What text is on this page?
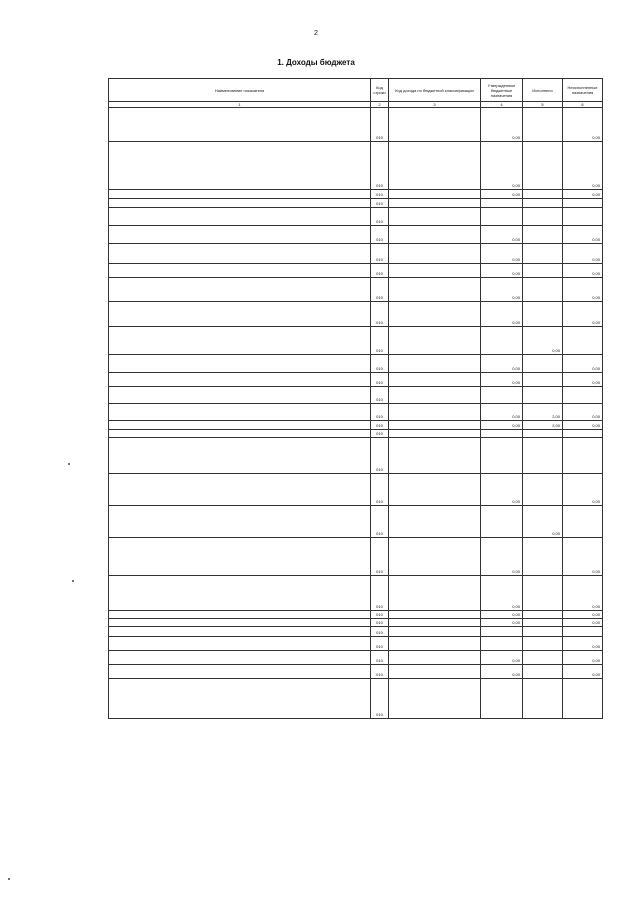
2
1. Доходы бюджета
Наименование показателя	Код строки	Код дохода по бюджетной классификации	Утвержденные бюджетные назначения	Исполнено	Неисполненные назначения
1	2	3	4	5	6
	010		0,00		0,00
	010		0,00		0,00
	010		0,00		0,00
	010				
	010				
	010		0,00		0,00
	010		0,00		0,00
	010		0,00		0,00
	010		0,00		0,00
	010		0,00		0,00
	010			0,00	
	010		0,00		0,00
	010		0,00		0,00
	010				
	010		0,00	2,00	0,00
	010		0,00	2,00	0,00
	010				
	010				
	010		0,00		0,00
	010			0,00	
	010		0,00		0,00
	010		0,00		0,00
	010		0,00		0,00
	010		0,00		0,00
	010				
	010				0,00
	010		0,00		0,00
	010		0,00		0,00
	010				
